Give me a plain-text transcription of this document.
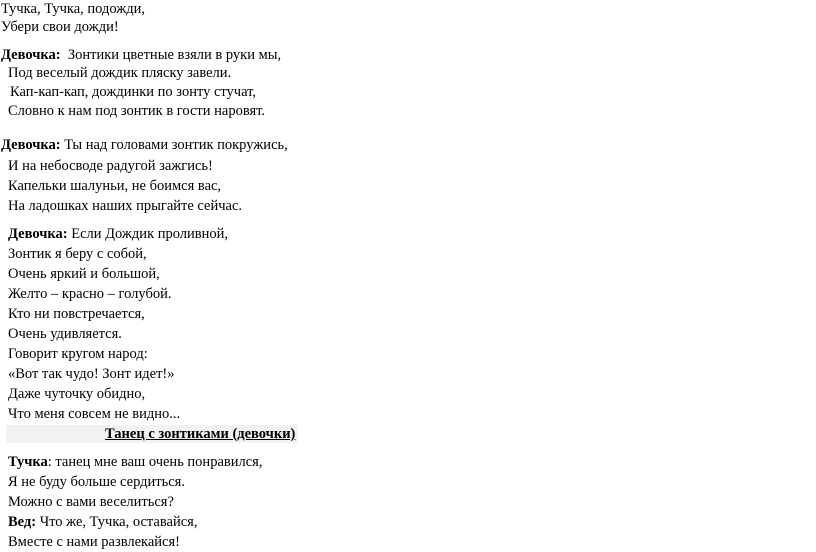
Тучка, Тучка, подожди,
Убери свои дожди!
Девочка: Зонтики цветные взяли в руки мы,
Под веселый дождик пляску завели.
Кап-кап-кап, дождинки по зонту стучат,
Словно к нам под зонтик в гости наровят.
Девочка: Ты над головами зонтик покружись,
И на небосводе радугой зажгись!
Капельки шалуньи, не боимся вас,
На ладошках наших прыгайте сейчас.
Девочка: Если Дождик проливной,
Зонтик я беру с собой,
Очень яркий и большой,
Желто – красно – голубой.
Кто ни повстречается,
Очень удивляется.
Говорит кругом народ:
«Вот так чудо! Зонт идет!»
Даже чуточку обидно,
Что меня совсем не видно...
Танец с зонтиками (девочки)
Тучка: танец мне ваш очень понравился,
Я не буду больше сердиться.
Можно с вами веселиться?
Вед: Что же, Тучка, оставайся,
Вместе с нами развлекайся!
